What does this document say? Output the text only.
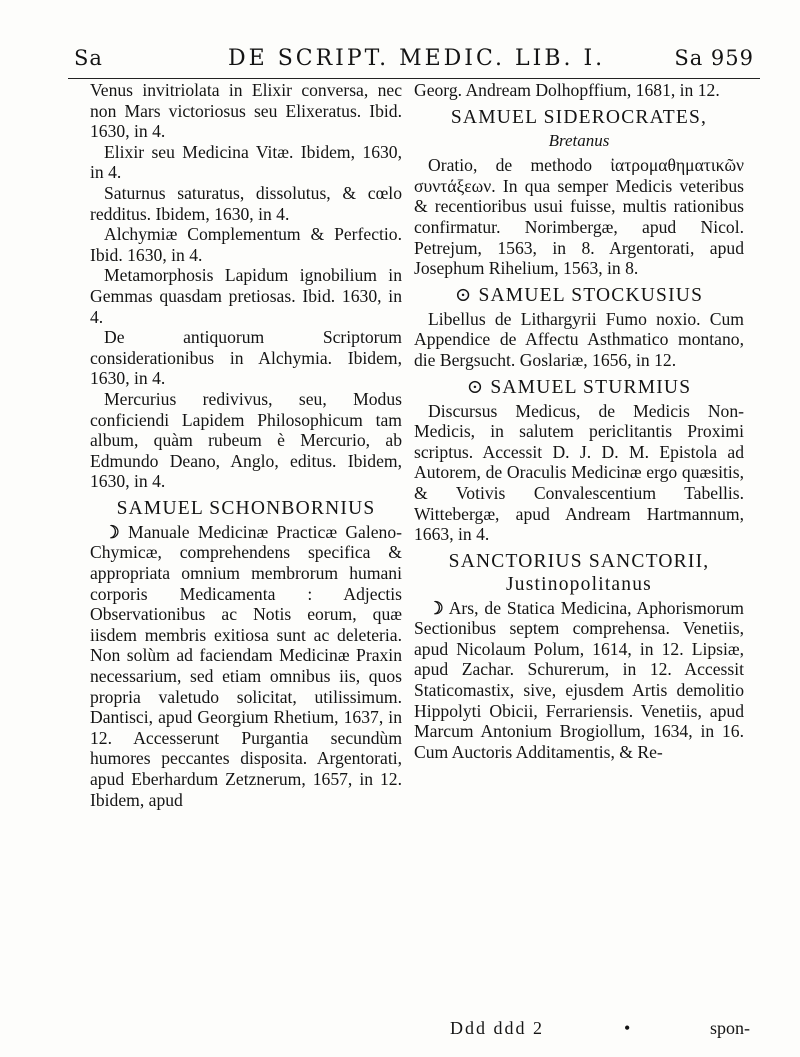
Sa	DE SCRIPT. MEDIC. LIB. I.	Sa 959

Venus invitriolata in Elixir conversa, nec non Mars victoriosus seu Elixeratus. Ibid. 1630, in 4.

Elixir seu Medicina Vitæ. Ibidem, 1630, in 4.

Saturnus saturatus, dissolutus, & cœlo redditus. Ibidem, 1630, in 4.

Alchymiæ Complementum & Perfectio. Ibid. 1630, in 4.

Metamorphosis Lapidum ignobilium in Gemmas quasdam pretiosas. Ibid. 1630, in 4.

De antiquorum Scriptorum considerationibus in Alchymia. Ibidem, 1630, in 4.

Mercurius redivivus, seu, Modus conficiendi Lapidem Philosophicum tam album, quàm rubeum è Mercurio, ab Edmundo Deano, Anglo, editus. Ibidem, 1630, in 4.

SAMUEL SCHONBORNIUS

☽ Manuale Medicinæ Practicæ Galeno-Chymicæ, comprehendens specifica & appropriata omnium membrorum humani corporis Medicamenta : Adjectis Observationibus ac Notis eorum, quæ iisdem membris exitiosa sunt ac deleteria. Non solùm ad faciendam Medicinæ Praxin necessarium, sed etiam omnibus iis, quos propria valetudo solicitat, utilissimum. Dantisci, apud Georgium Rhetium, 1637, in 12. Accesserunt Purgantia secundùm humores peccantes disposita. Argentorati, apud Eberhardum Zetznerum, 1657, in 12. Ibidem, apud

Georg. Andream Dolhopffium, 1681, in 12.

SAMUEL SIDEROCRATES,

Bretanus

Oratio, de methodo ἰατρομαθηματικῶν συντάξεων. In qua semper Medicis veteribus & recentioribus usui fuisse, multis rationibus confirmatur. Norimbergæ, apud Nicol. Petrejum, 1563, in 8. Argentorati, apud Josephum Rihelium, 1563, in 8.

⊙ SAMUEL STOCKUSIUS

Libellus de Lithargyrii Fumo noxio. Cum Appendice de Affectu Asthmatico montano, die Bergsucht. Goslariæ, 1656, in 12.

⊙ SAMUEL STURMIUS

Discursus Medicus, de Medicis Non-Medicis, in salutem periclitantis Proximi scriptus. Accessit D. J. D. M. Epistola ad Autorem, de Oraculis Medicinæ ergo quæsitis, & Votivis Convalescentium Tabellis. Wittebergæ, apud Andream Hartmannum, 1663, in 4.

SANCTORIUS SANCTORII, Justinopolitanus

☽ Ars, de Statica Medicina, Aphorismorum Sectionibus septem comprehensa. Venetiis, apud Nicolaum Polum, 1614, in 12. Lipsiæ, apud Zachar. Schurerum, in 12. Accessit Staticomastix, sive, ejusdem Artis demolitio Hippolyti Obicii, Ferrariensis. Venetiis, apud Marcum Antonium Brogiollum, 1634, in 16. Cum Auctoris Additamentis, & Re-

Ddd ddd 2	•	spon-
